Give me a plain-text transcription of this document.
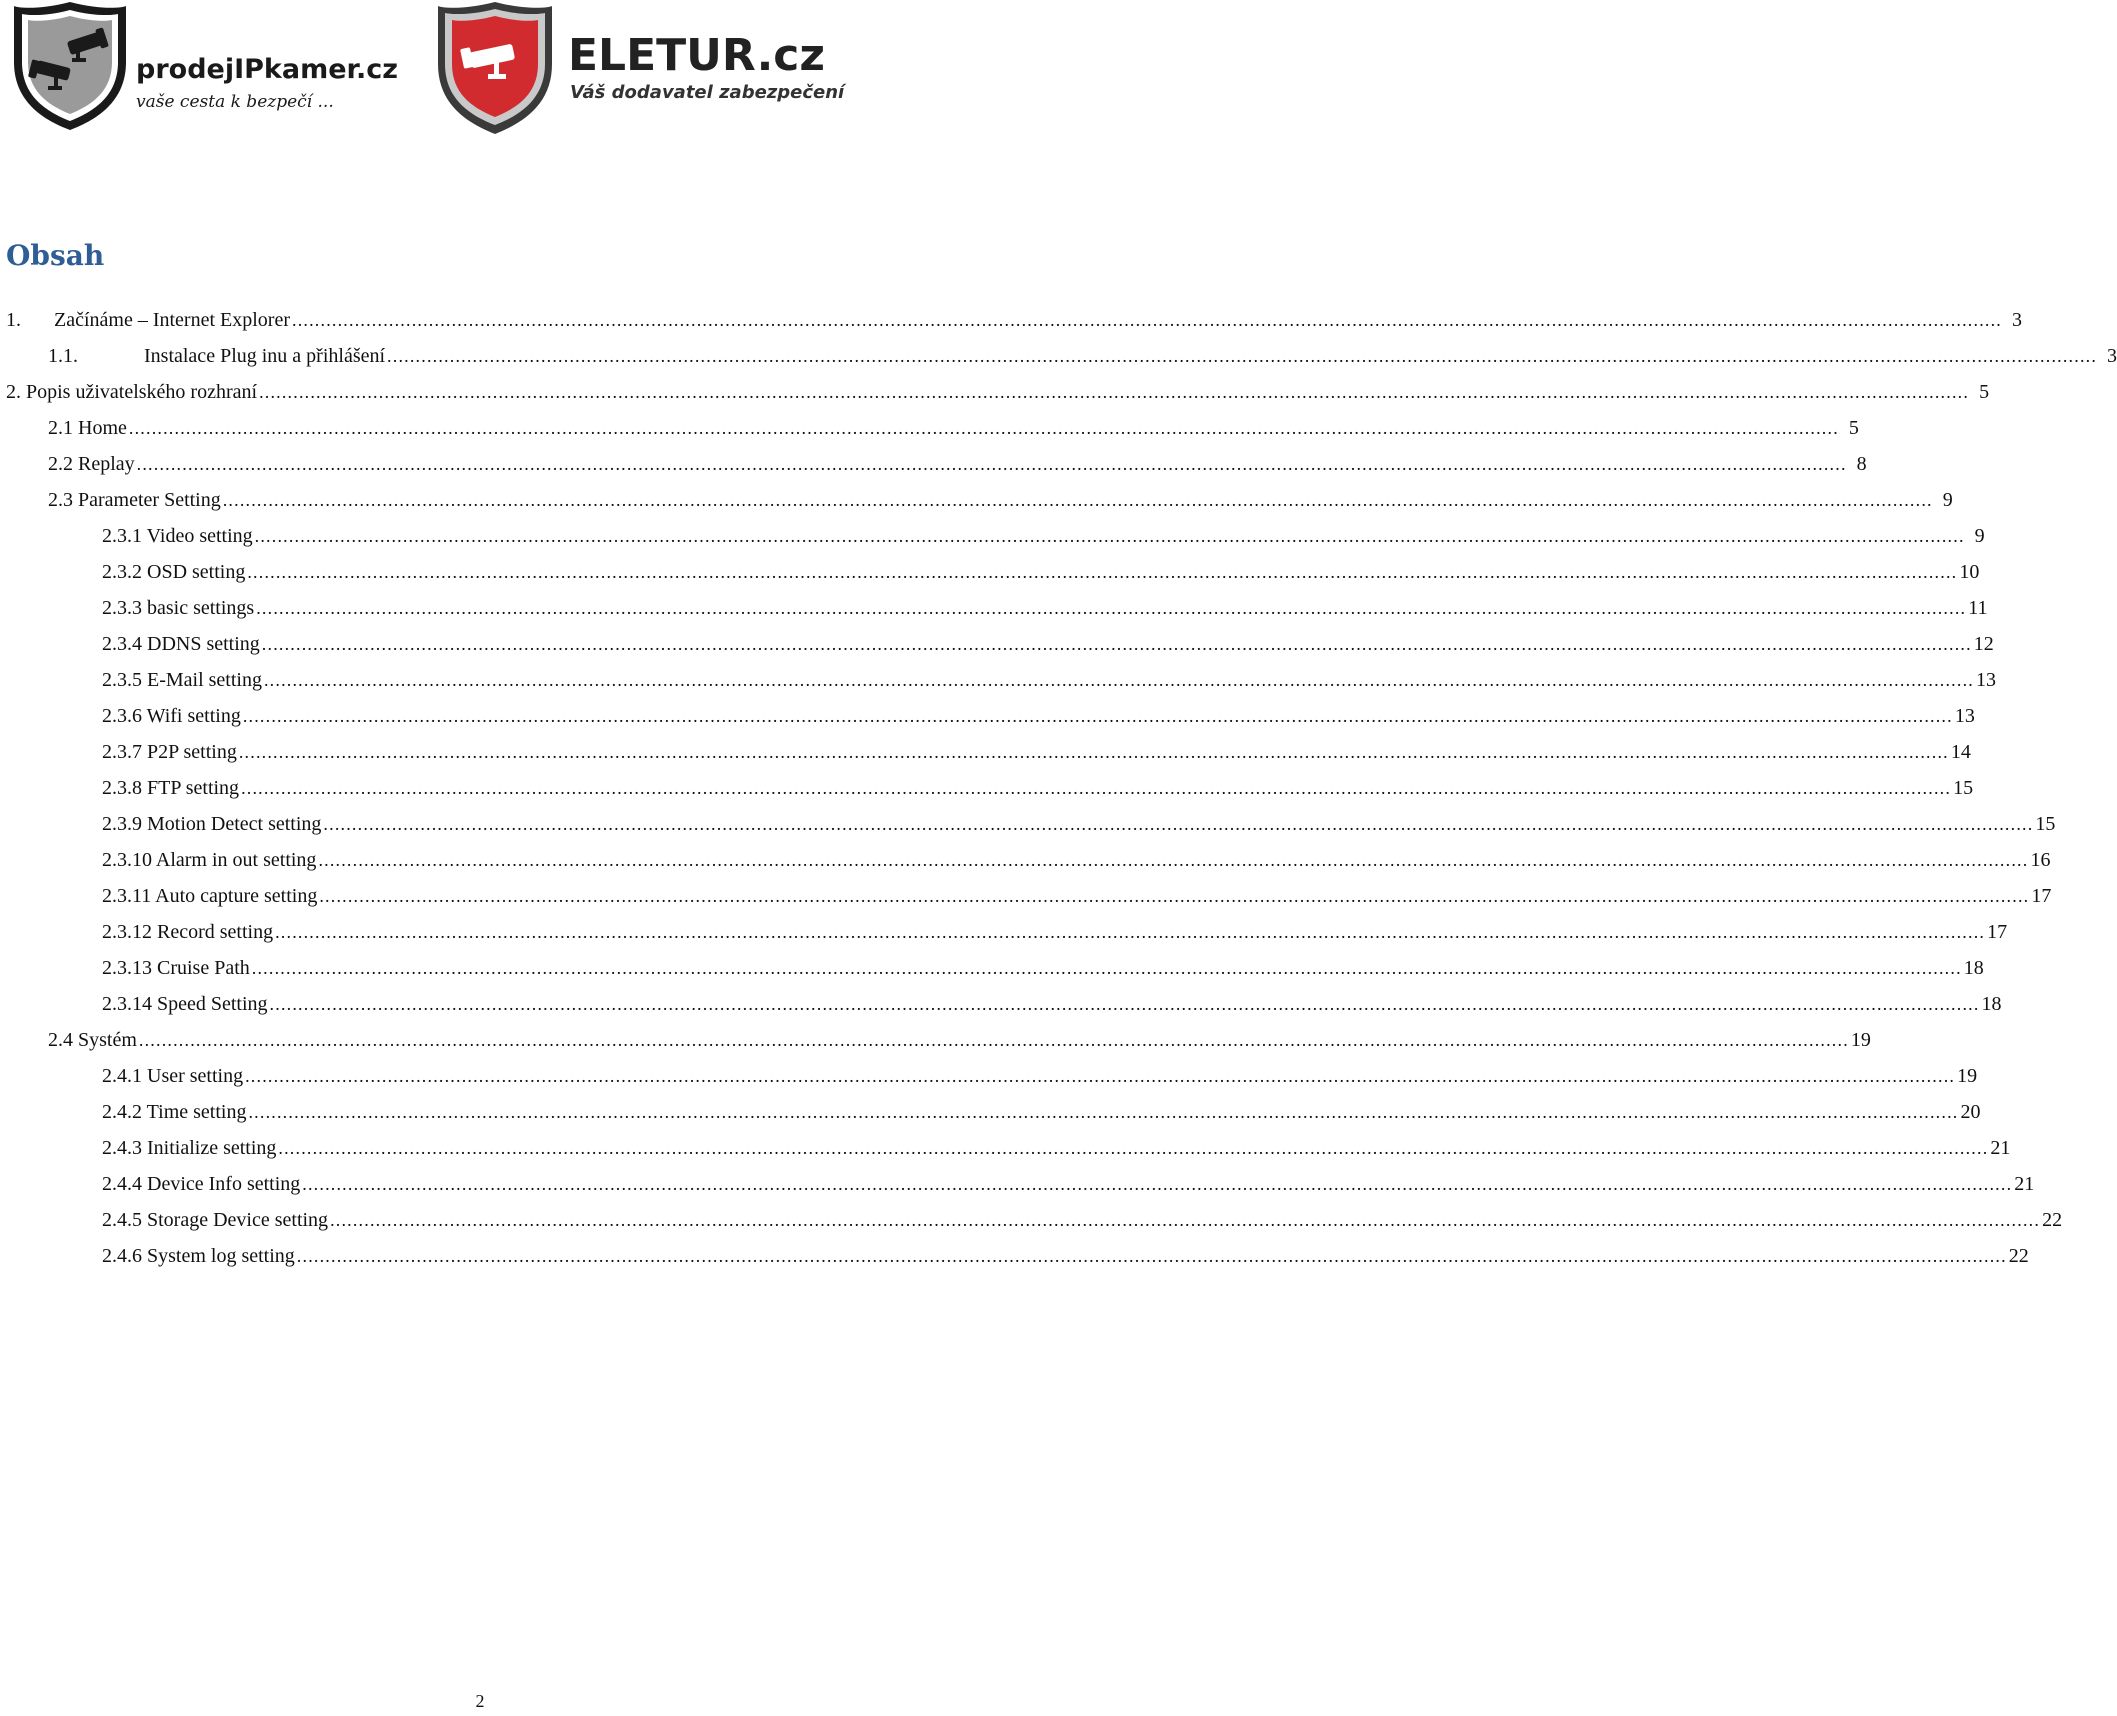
prodejIPkamer.cz
vaše cesta k bezpečí ...
ELETUR.cz
Váš dodavatel zabezpečení
Obsah
1.	Začínáme – Internet Explorer ............................................................................................................................................................................................................................................................................................................ 3
1.1.	Instalace Plug inu a přihlášení ............................................................................................................................................................................................................................................................................................................ 3
2. Popis uživatelského rozhraní ............................................................................................................................................................................................................................................................................................................ 5
2.1 Home ............................................................................................................................................................................................................................................................................................................ 5
2.2 Replay ............................................................................................................................................................................................................................................................................................................ 8
2.3 Parameter Setting ............................................................................................................................................................................................................................................................................................................ 9
2.3.1 Video setting ............................................................................................................................................................................................................................................................................................................ 9
2.3.2 OSD setting ............................................................................................................................................................................................................................................................................................................ 10
2.3.3 basic settings ............................................................................................................................................................................................................................................................................................................ 11
2.3.4 DDNS setting ............................................................................................................................................................................................................................................................................................................ 12
2.3.5 E-Mail setting ............................................................................................................................................................................................................................................................................................................ 13
2.3.6 Wifi setting ............................................................................................................................................................................................................................................................................................................ 13
2.3.7 P2P setting ............................................................................................................................................................................................................................................................................................................ 14
2.3.8 FTP setting ............................................................................................................................................................................................................................................................................................................ 15
2.3.9 Motion Detect setting ............................................................................................................................................................................................................................................................................................................ 15
2.3.10 Alarm in out setting ............................................................................................................................................................................................................................................................................................................ 16
2.3.11 Auto capture setting ............................................................................................................................................................................................................................................................................................................ 17
2.3.12 Record setting ............................................................................................................................................................................................................................................................................................................ 17
2.3.13 Cruise Path ............................................................................................................................................................................................................................................................................................................ 18
2.3.14 Speed Setting ............................................................................................................................................................................................................................................................................................................ 18
2.4 Systém ............................................................................................................................................................................................................................................................................................................ 19
2.4.1 User setting ............................................................................................................................................................................................................................................................................................................ 19
2.4.2 Time setting ............................................................................................................................................................................................................................................................................................................ 20
2.4.3 Initialize setting ............................................................................................................................................................................................................................................................................................................ 21
2.4.4 Device Info setting ............................................................................................................................................................................................................................................................................................................ 21
2.4.5 Storage Device setting ............................................................................................................................................................................................................................................................................................................ 22
2.4.6 System log setting ............................................................................................................................................................................................................................................................................................................ 22
2
